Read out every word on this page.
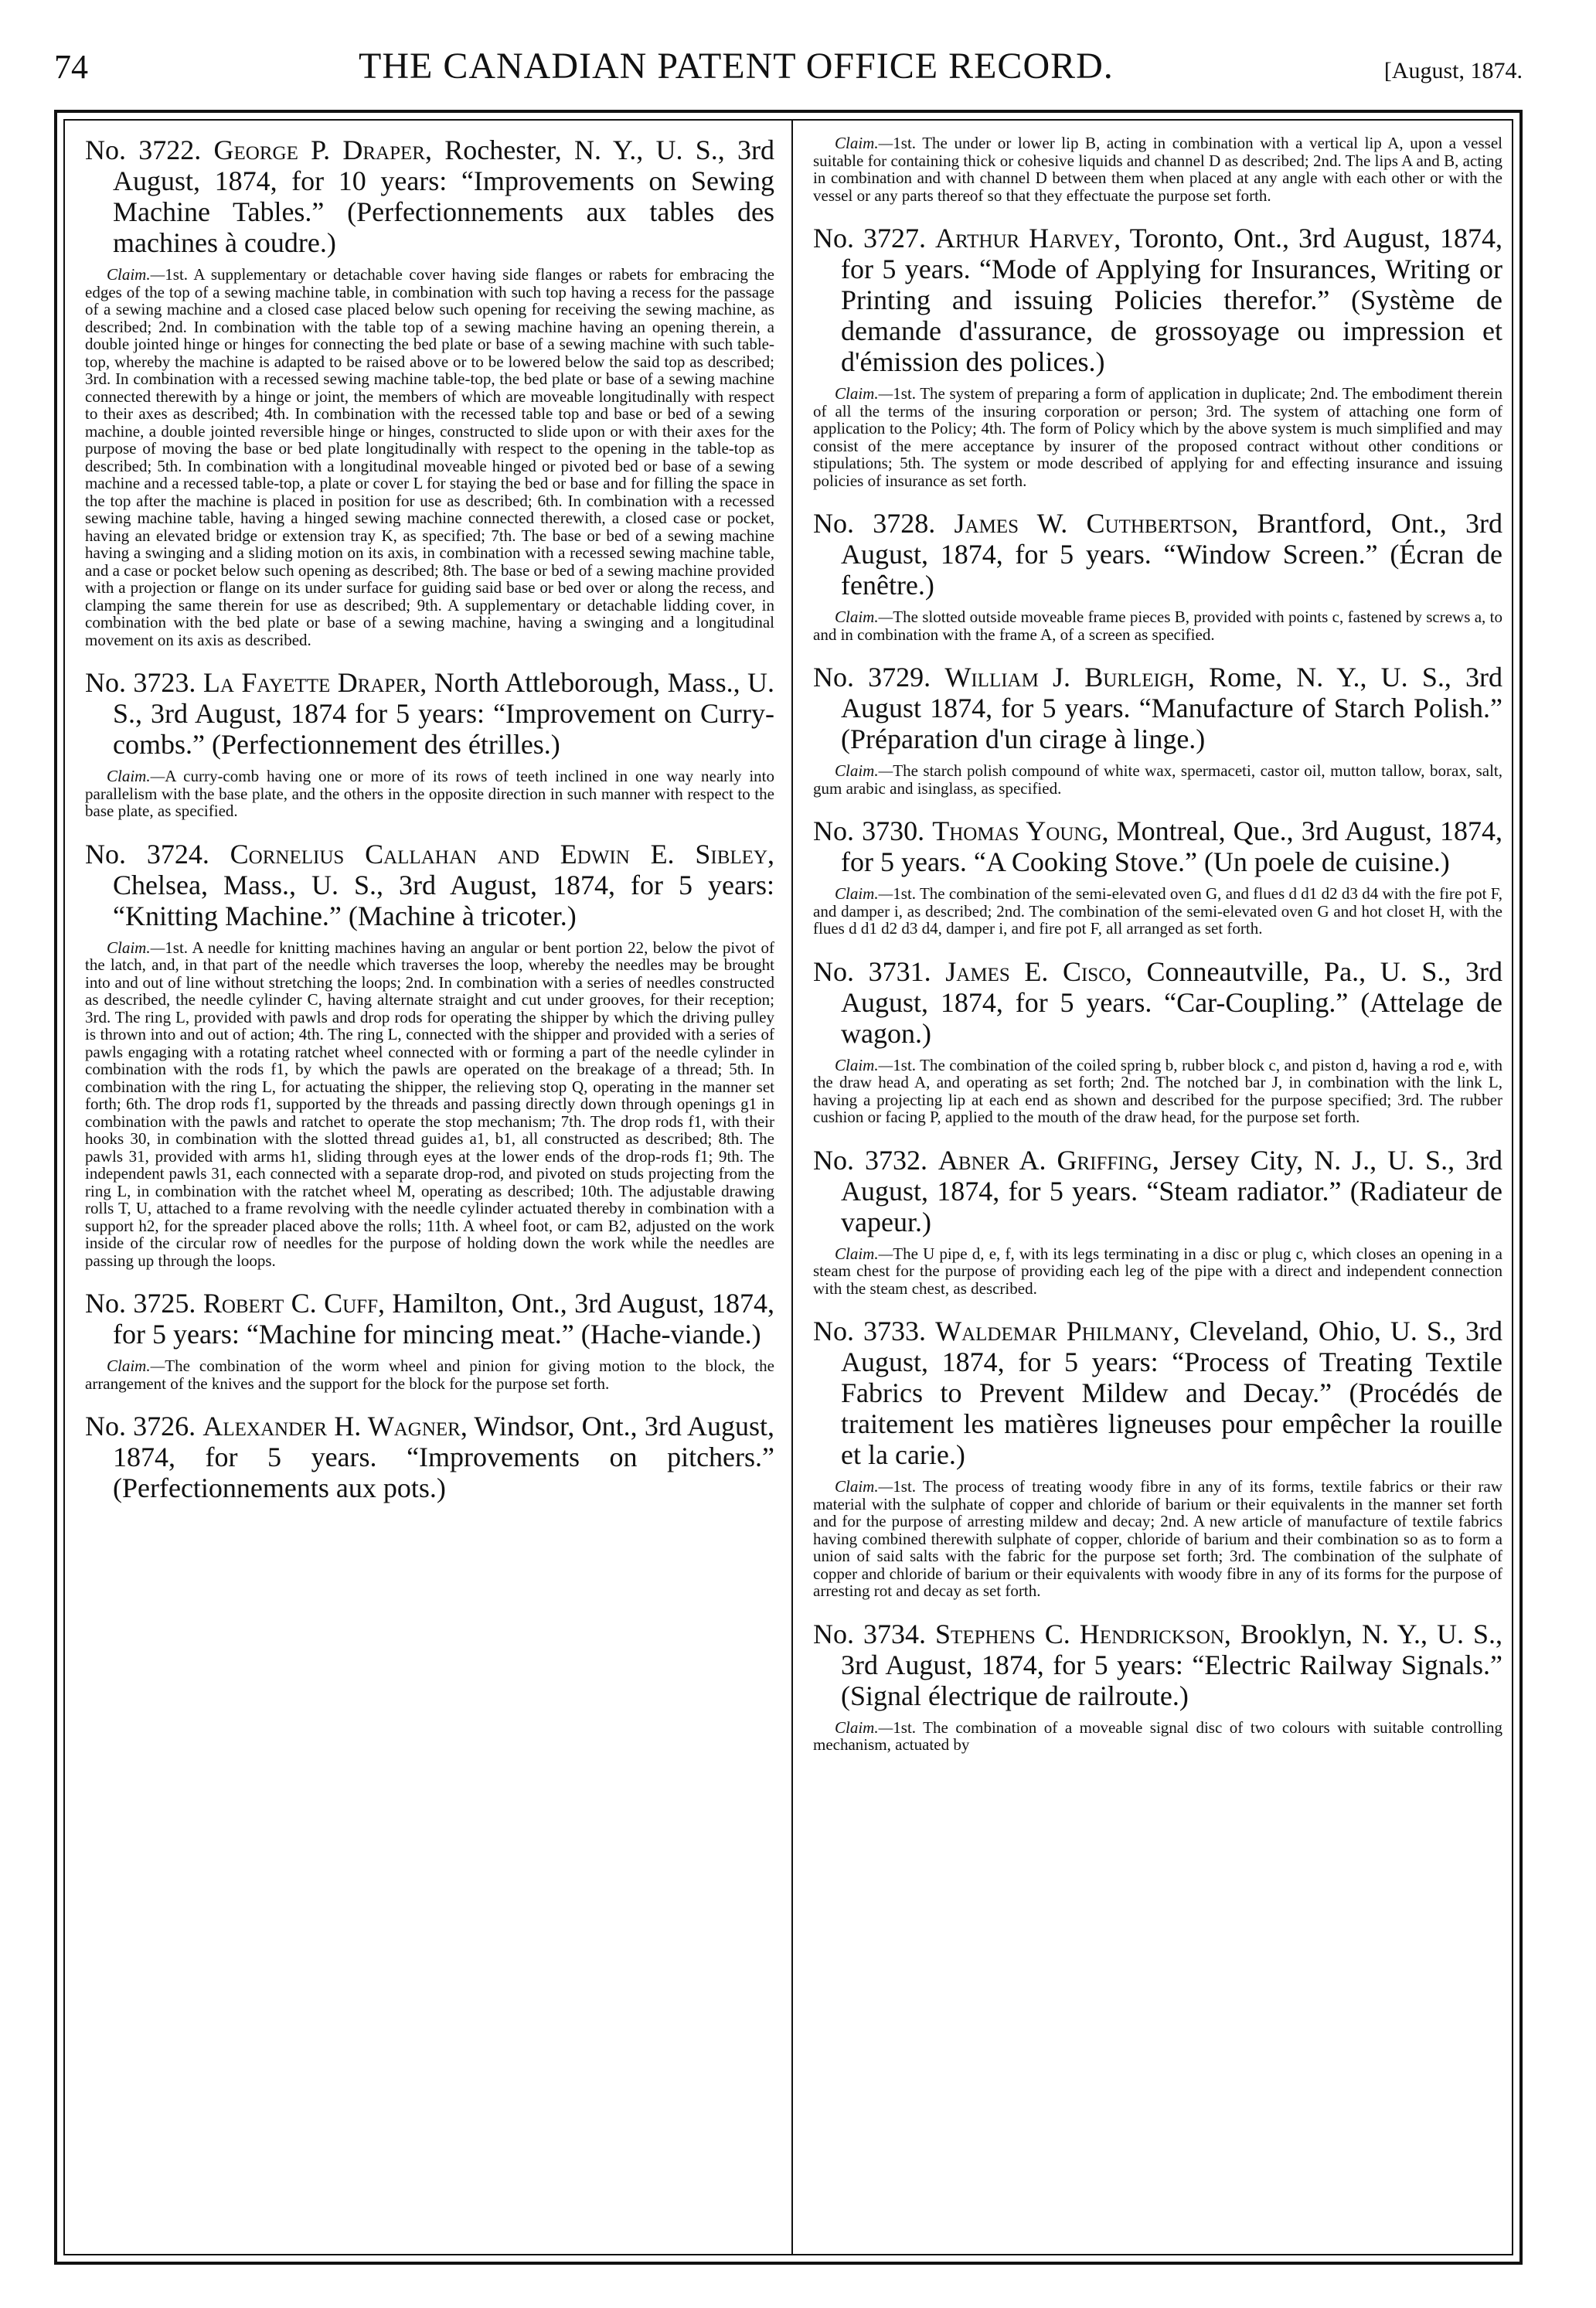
74	THE CANADIAN PATENT OFFICE RECORD.	[August, 1874.

No. 3722. George P. Draper, Rochester, N. Y., U. S., 3rd August, 1874, for 10 years: “Improvements on Sewing Machine Tables.” (Perfectionnements aux tables des machines à coudre.)

Claim.—1st. A supplementary or detachable cover having side flanges or rabets for embracing the edges of the top of a sewing machine table, in combination with such top having a recess for the passage of a sewing machine and a closed case placed below such opening for receiving the sewing machine, as described; 2nd. In combination with the table top of a sewing machine having an opening therein, a double jointed hinge or hinges for connecting the bed plate or base of a sewing machine with such table-top, whereby the machine is adapted to be raised above or to be lowered below the said top as described; 3rd. In combination with a recessed sewing machine table-top, the bed plate or base of a sewing machine connected therewith by a hinge or joint, the members of which are moveable longitudinally with respect to their axes as described; 4th. In combination with the recessed table top and base or bed of a sewing machine, a double jointed reversible hinge or hinges, constructed to slide upon or with their axes for the purpose of moving the base or bed plate longitudinally with respect to the opening in the table-top as described; 5th. In combination with a longitudinal moveable hinged or pivoted bed or base of a sewing machine and a recessed table-top, a plate or cover L for staying the bed or base and for filling the space in the top after the machine is placed in position for use as described; 6th. In combination with a recessed sewing machine table, having a hinged sewing machine connected therewith, a closed case or pocket, having an elevated bridge or extension tray K, as specified; 7th. The base or bed of a sewing machine having a swinging and a sliding motion on its axis, in combination with a recessed sewing machine table, and a case or pocket below such opening as described; 8th. The base or bed of a sewing machine provided with a projection or flange on its under surface for guiding said base or bed over or along the recess, and clamping the same therein for use as described; 9th. A supplementary or detachable lidding cover, in combination with the bed plate or base of a sewing machine, having a swinging and a longitudinal movement on its axis as described.

No. 3723. La Fayette Draper, North Attleborough, Mass., U. S., 3rd August, 1874 for 5 years: “Improvement on Curry-combs.” (Perfectionnement des étrilles.)

Claim.—A curry-comb having one or more of its rows of teeth inclined in one way nearly into parallelism with the base plate, and the others in the opposite direction in such manner with respect to the base plate, as specified.

No. 3724. Cornelius Callahan and Edwin E. Sibley, Chelsea, Mass., U. S., 3rd August, 1874, for 5 years: “Knitting Machine.” (Machine à tricoter.)

Claim.—1st. A needle for knitting machines having an angular or bent portion 22, below the pivot of the latch, and, in that part of the needle which traverses the loop, whereby the needles may be brought into and out of line without stretching the loops; 2nd. In combination with a series of needles constructed as described, the needle cylinder C, having alternate straight and cut under grooves, for their reception; 3rd. The ring L, provided with pawls and drop rods for operating the shipper by which the driving pulley is thrown into and out of action; 4th. The ring L, connected with the shipper and provided with a series of pawls engaging with a rotating ratchet wheel connected with or forming a part of the needle cylinder in combination with the rods f1, by which the pawls are operated on the breakage of a thread; 5th. In combination with the ring L, for actuating the shipper, the relieving stop Q, operating in the manner set forth; 6th. The drop rods f1, supported by the threads and passing directly down through openings g1 in combination with the pawls and ratchet to operate the stop mechanism; 7th. The drop rods f1, with their hooks 30, in combination with the slotted thread guides a1, b1, all constructed as described; 8th. The pawls 31, provided with arms h1, sliding through eyes at the lower ends of the drop-rods f1; 9th. The independent pawls 31, each connected with a separate drop-rod, and pivoted on studs projecting from the ring L, in combination with the ratchet wheel M, operating as described; 10th. The adjustable drawing rolls T, U, attached to a frame revolving with the needle cylinder actuated thereby in combination with a support h2, for the spreader placed above the rolls; 11th. A wheel foot, or cam B2, adjusted on the work inside of the circular row of needles for the purpose of holding down the work while the needles are passing up through the loops.

No. 3725. Robert C. Cuff, Hamilton, Ont., 3rd August, 1874, for 5 years: “Machine for mincing meat.” (Hache-viande.)

Claim.—The combination of the worm wheel and pinion for giving motion to the block, the arrangement of the knives and the support for the block for the purpose set forth.

No. 3726. Alexander H. Wagner, Windsor, Ont., 3rd August, 1874, for 5 years. “Improvements on pitchers.” (Perfectionnements aux pots.)

Claim.—1st. The under or lower lip B, acting in combination with a vertical lip A, upon a vessel suitable for containing thick or cohesive liquids and channel D as described; 2nd. The lips A and B, acting in combination and with channel D between them when placed at any angle with each other or with the vessel or any parts thereof so that they effectuate the purpose set forth.

No. 3727. Arthur Harvey, Toronto, Ont., 3rd August, 1874, for 5 years. “Mode of Applying for Insurances, Writing or Printing and issuing Policies therefor.” (Système de demande d'assurance, de grossoyage ou impression et d'émission des polices.)

Claim.—1st. The system of preparing a form of application in duplicate; 2nd. The embodiment therein of all the terms of the insuring corporation or person; 3rd. The system of attaching one form of application to the Policy; 4th. The form of Policy which by the above system is much simplified and may consist of the mere acceptance by insurer of the proposed contract without other conditions or stipulations; 5th. The system or mode described of applying for and effecting insurance and issuing policies of insurance as set forth.

No. 3728. James W. Cuthbertson, Brantford, Ont., 3rd August, 1874, for 5 years. “Window Screen.” (Écran de fenêtre.)

Claim.—The slotted outside moveable frame pieces B, provided with points c, fastened by screws a, to and in combination with the frame A, of a screen as specified.

No. 3729. William J. Burleigh, Rome, N. Y., U. S., 3rd August 1874, for 5 years. “Manufacture of Starch Polish.” (Préparation d'un cirage à linge.)

Claim.—The starch polish compound of white wax, spermaceti, castor oil, mutton tallow, borax, salt, gum arabic and isinglass, as specified.

No. 3730. Thomas Young, Montreal, Que., 3rd August, 1874, for 5 years. “A Cooking Stove.” (Un poele de cuisine.)

Claim.—1st. The combination of the semi-elevated oven G, and flues d d1 d2 d3 d4 with the fire pot F, and damper i, as described; 2nd. The combination of the semi-elevated oven G and hot closet H, with the flues d d1 d2 d3 d4, damper i, and fire pot F, all arranged as set forth.

No. 3731. James E. Cisco, Conneautville, Pa., U. S., 3rd August, 1874, for 5 years. “Car-Coupling.” (Attelage de wagon.)

Claim.—1st. The combination of the coiled spring b, rubber block c, and piston d, having a rod e, with the draw head A, and operating as set forth; 2nd. The notched bar J, in combination with the link L, having a projecting lip at each end as shown and described for the purpose specified; 3rd. The rubber cushion or facing P, applied to the mouth of the draw head, for the purpose set forth.

No. 3732. Abner A. Griffing, Jersey City, N. J., U. S., 3rd August, 1874, for 5 years. “Steam radiator.” (Radiateur de vapeur.)

Claim.—The U pipe d, e, f, with its legs terminating in a disc or plug c, which closes an opening in a steam chest for the purpose of providing each leg of the pipe with a direct and independent connection with the steam chest, as described.

No. 3733. Waldemar Philmany, Cleveland, Ohio, U. S., 3rd August, 1874, for 5 years: “Process of Treating Textile Fabrics to Prevent Mildew and Decay.” (Procédés de traitement les matières ligneuses pour empêcher la rouille et la carie.)

Claim.—1st. The process of treating woody fibre in any of its forms, textile fabrics or their raw material with the sulphate of copper and chloride of barium or their equivalents in the manner set forth and for the purpose of arresting mildew and decay; 2nd. A new article of manufacture of textile fabrics having combined therewith sulphate of copper, chloride of barium and their combination so as to form a union of said salts with the fabric for the purpose set forth; 3rd. The combination of the sulphate of copper and chloride of barium or their equivalents with woody fibre in any of its forms for the purpose of arresting rot and decay as set forth.

No. 3734. Stephens C. Hendrickson, Brooklyn, N. Y., U. S., 3rd August, 1874, for 5 years: “Electric Railway Signals.” (Signal électrique de railroute.)

Claim.—1st. The combination of a moveable signal disc of two colours with suitable controlling mechanism, actuated by
